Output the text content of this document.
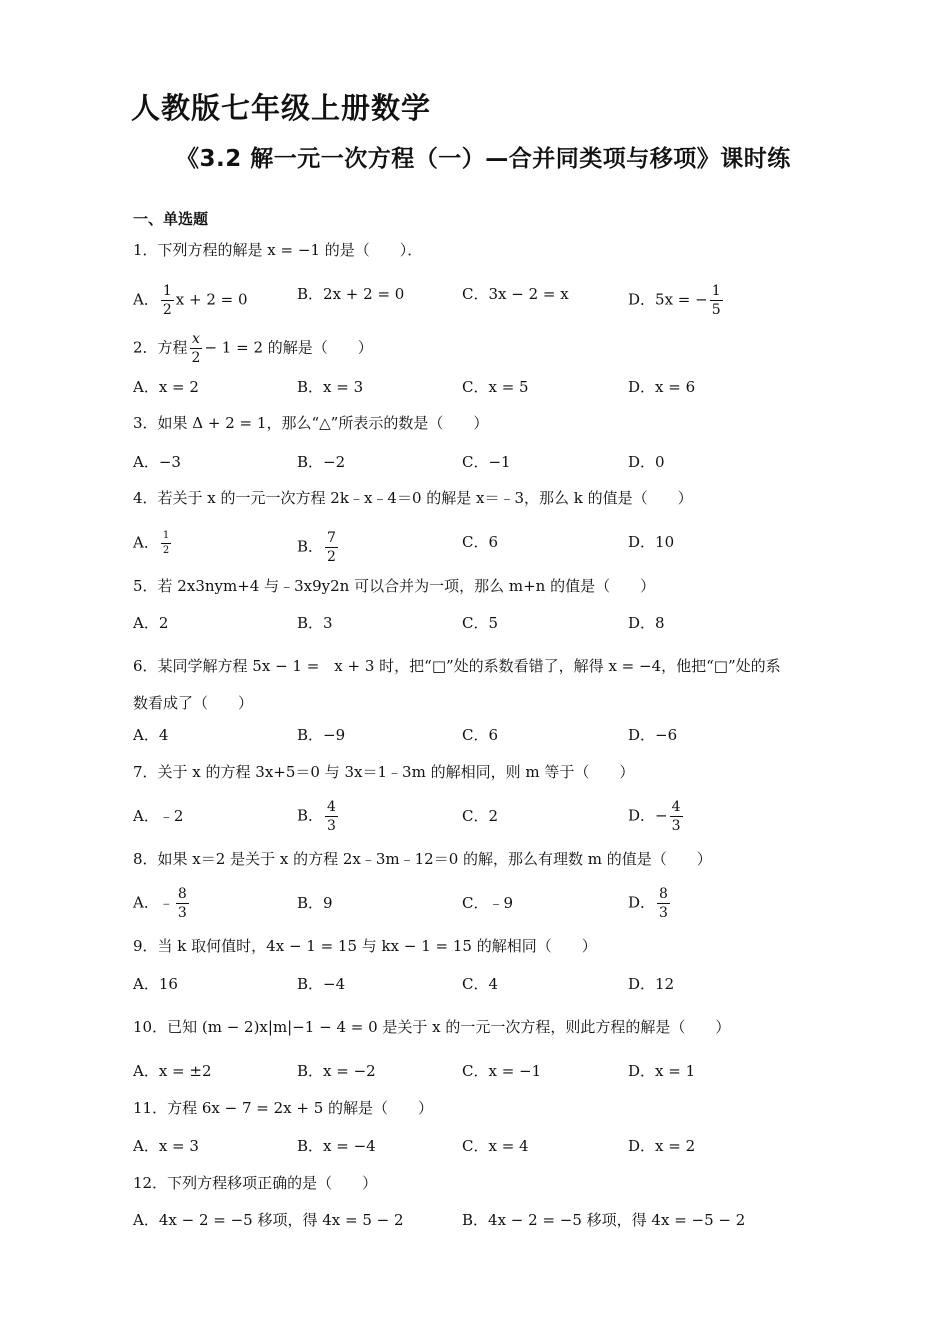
人教版七年级上册数学
《3.2 解一元一次方程（一）—合并同类项与移项》课时练
一、单选题
1．下列方程的解是 x = −1 的是（　　）．
A． $\frac{1}{2}$ x + 2 = 0	B．2x + 2 = 0	C．3x − 2 = x	D．5x = − $\frac{1}{5}$
2．方程 $\frac{x}{2} - 1 = 2$ 的解是（　　）
A．x = 2	B．x = 3	C．x = 5	D．x = 6
3．如果 Δ + 2 = 1，那么“△”所表示的数是（　　）
A．−3	B．−2	C．−1	D．0
4．若关于 x 的一元一次方程 2k﹣x﹣4＝0 的解是 x＝﹣3，那么 k 的值是（　　）
A． $\frac{1}{2}$	B． $\frac{7}{2}$	C．6	D．10
5．若 2x3nym+4 与﹣3x9y2n 可以合并为一项，那么 m+n 的值是（　　）
A．2	B．3	C．5	D．8
6．某同学解方程 5x − 1 =　x + 3 时，把“□”处的系数看错了，解得 x = −4，他把“□”处的系
数看成了（　　）
A．4	B．−9	C．6	D．−6
7．关于 x 的方程 3x+5＝0 与 3x＝1﹣3m 的解相同，则 m 等于（　　）
A．﹣2	B． $\frac{4}{3}$	C．2	D．− $\frac{4}{3}$
8．如果 x＝2 是关于 x 的方程 2x﹣3m﹣12＝0 的解，那么有理数 m 的值是（　　）
A．﹣ $\frac{8}{3}$	B．9	C．﹣9	D． $\frac{8}{3}$
9．当 k 取何值时，4x − 1 = 15 与 kx − 1 = 15 的解相同（　　）
A．16	B．−4	C．4	D．12
10．已知 (m − 2)x|m|−1 − 4 = 0 是关于 x 的一元一次方程，则此方程的解是（　　）
A．x = ±2	B．x = −2	C．x = −1	D．x = 1
11．方程 6x − 7 = 2x + 5 的解是（　　）
A．x = 3	B．x = −4	C．x = 4	D．x = 2
12．下列方程移项正确的是（　　）
A．4x − 2 = −5 移项，得 4x = 5 − 2	B．4x − 2 = −5 移项，得 4x = −5 − 2
